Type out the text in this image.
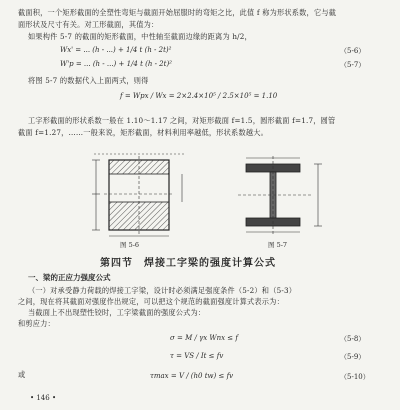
截面积，一个矩形截面的全塑性弯矩与截面开始屈服时的弯矩之比，此值 f 称为形状系数，它与截
面形状及尺寸有关。对工形截面，其值为：
如果构件 5-7 的截面的矩形截面，中性轴至截面边缘的距离为 h/2，
Wx' = ... (h - ...) + 1/4 t (h - 2t)²	（5-6）
W'p = ... (h - ...) + 1/4 t (h - 2t)²	（5-7）
将图 5-7 的数据代入上面两式，则得
f = Wpx / Wx = 2×2.4×10⁵ / 2.5×10⁵ = 1.10
工字形截面的形状系数一般在 1.10～1.17 之间，对矩形截面 f=1.5，圆形截面 f=1.7，圆管
截面 f=1.27，……一般来说，矩形截面，材料利用率越低，形状系数越大。
图 5-6	图 5-7
第四节　焊接工字梁的强度计算公式
一、梁的正应力强度公式
（一）对承受静力荷载的焊接工字梁，设计时必须满足强度条件（5-2）和（5-3）
之间，现在将其截面对强度作出规定，可以把这个规范的截面强度计算式表示为：
当截面上不出现塑性铰时，工字梁截面的强度公式为：
和剪应力：
σ = M / γx Wnx ≤ f	（5-8）
τ = VS / It ≤ fv	（5-9）
或	τmax = V / (h0 tw) ≤ fv	（5-10）
• 146 •
